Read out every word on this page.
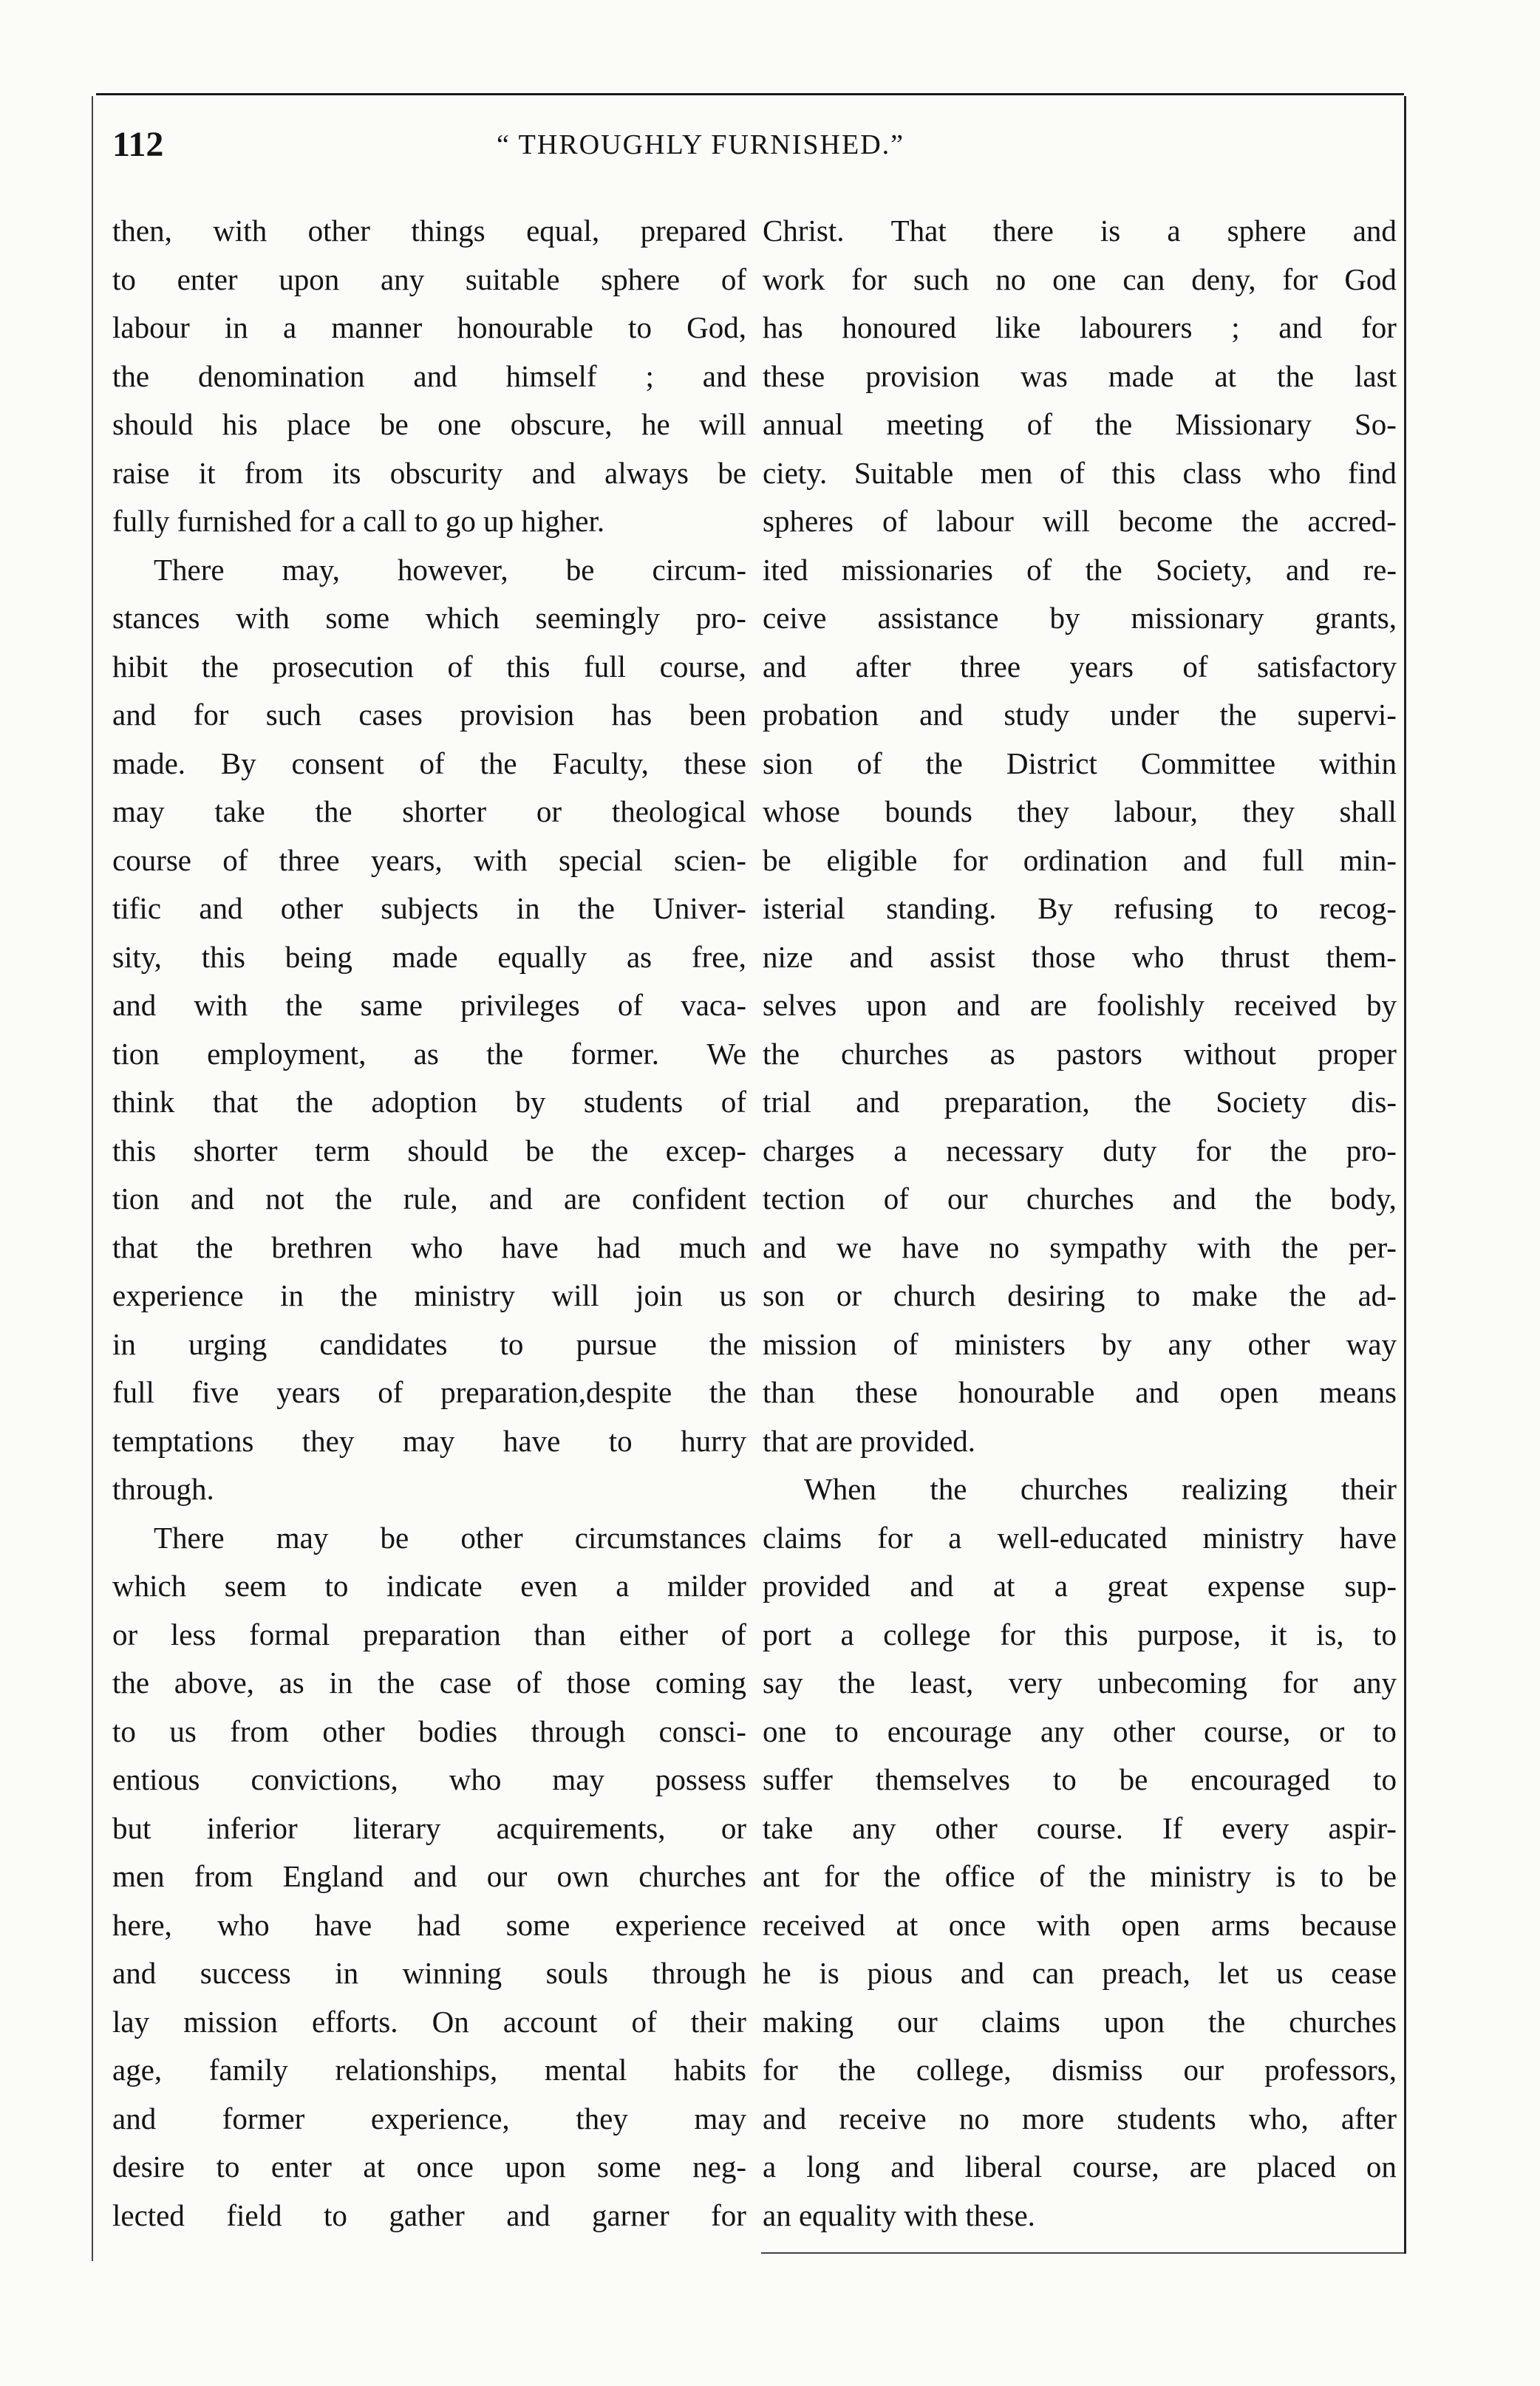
112	“ THROUGHLY FURNISHED.”
then, with other things equal, prepared
to enter upon any suitable sphere of
labour in a manner honourable to God,
the denomination and himself ; and
should his place be one obscure, he will
raise it from its obscurity and always be
fully furnished for a call to go up higher.
There may, however, be circum-
stances with some which seemingly pro-
hibit the prosecution of this full course,
and for such cases provision has been
made. By consent of the Faculty, these
may take the shorter or theological
course of three years, with special scien-
tific and other subjects in the Univer-
sity, this being made equally as free,
and with the same privileges of vaca-
tion employment, as the former. We
think that the adoption by students of
this shorter term should be the excep-
tion and not the rule, and are confident
that the brethren who have had much
experience in the ministry will join us
in urging candidates to pursue the
full five years of preparation,despite the
temptations they may have to hurry
through.
There may be other circumstances
which seem to indicate even a milder
or less formal preparation than either of
the above, as in the case of those coming
to us from other bodies through consci-
entious convictions, who may possess
but inferior literary acquirements, or
men from England and our own churches
here, who have had some experience
and success in winning souls through
lay mission efforts. On account of their
age, family relationships, mental habits
and former experience, they may
desire to enter at once upon some neg-
lected field to gather and garner for
Christ. That there is a sphere and
work for such no one can deny, for God
has honoured like labourers ; and for
these provision was made at the last
annual meeting of the Missionary So-
ciety. Suitable men of this class who find
spheres of labour will become the accred-
ited missionaries of the Society, and re-
ceive assistance by missionary grants,
and after three years of satisfactory
probation and study under the supervi-
sion of the District Committee within
whose bounds they labour, they shall
be eligible for ordination and full min-
isterial standing. By refusing to recog-
nize and assist those who thrust them-
selves upon and are foolishly received by
the churches as pastors without proper
trial and preparation, the Society dis-
charges a necessary duty for the pro-
tection of our churches and the body,
and we have no sympathy with the per-
son or church desiring to make the ad-
mission of ministers by any other way
than these honourable and open means
that are provided.
When the churches realizing their
claims for a well-educated ministry have
provided and at a great expense sup-
port a college for this purpose, it is, to
say the least, very unbecoming for any
one to encourage any other course, or to
suffer themselves to be encouraged to
take any other course. If every aspir-
ant for the office of the ministry is to be
received at once with open arms because
he is pious and can preach, let us cease
making our claims upon the churches
for the college, dismiss our professors,
and receive no more students who, after
a long and liberal course, are placed on
an equality with these.
